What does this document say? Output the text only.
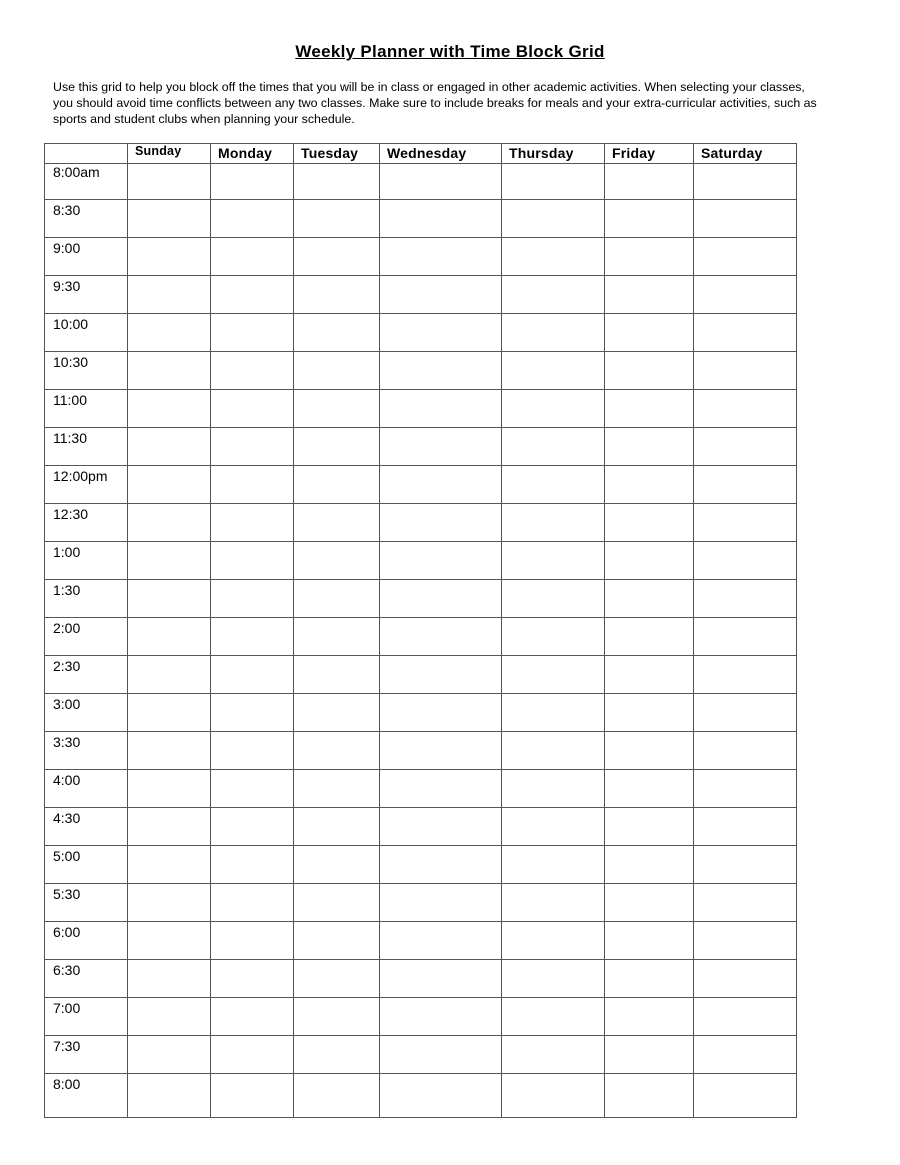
Weekly Planner with Time Block Grid
Use this grid to help you block off the times that you will be in class or engaged in other academic activities. When selecting your classes, you should avoid time conflicts between any two classes. Make sure to include breaks for meals and your extra-curricular activities, such as sports and student clubs when planning your schedule.
	Sunday	Monday	Tuesday	Wednesday	Thursday	Friday	Saturday
8:00am							
8:30							
9:00							
9:30							
10:00							
10:30							
11:00							
11:30							
12:00pm							
12:30							
1:00							
1:30							
2:00							
2:30							
3:00							
3:30							
4:00							
4:30							
5:00							
5:30							
6:00							
6:30							
7:00							
7:30							
8:00							
